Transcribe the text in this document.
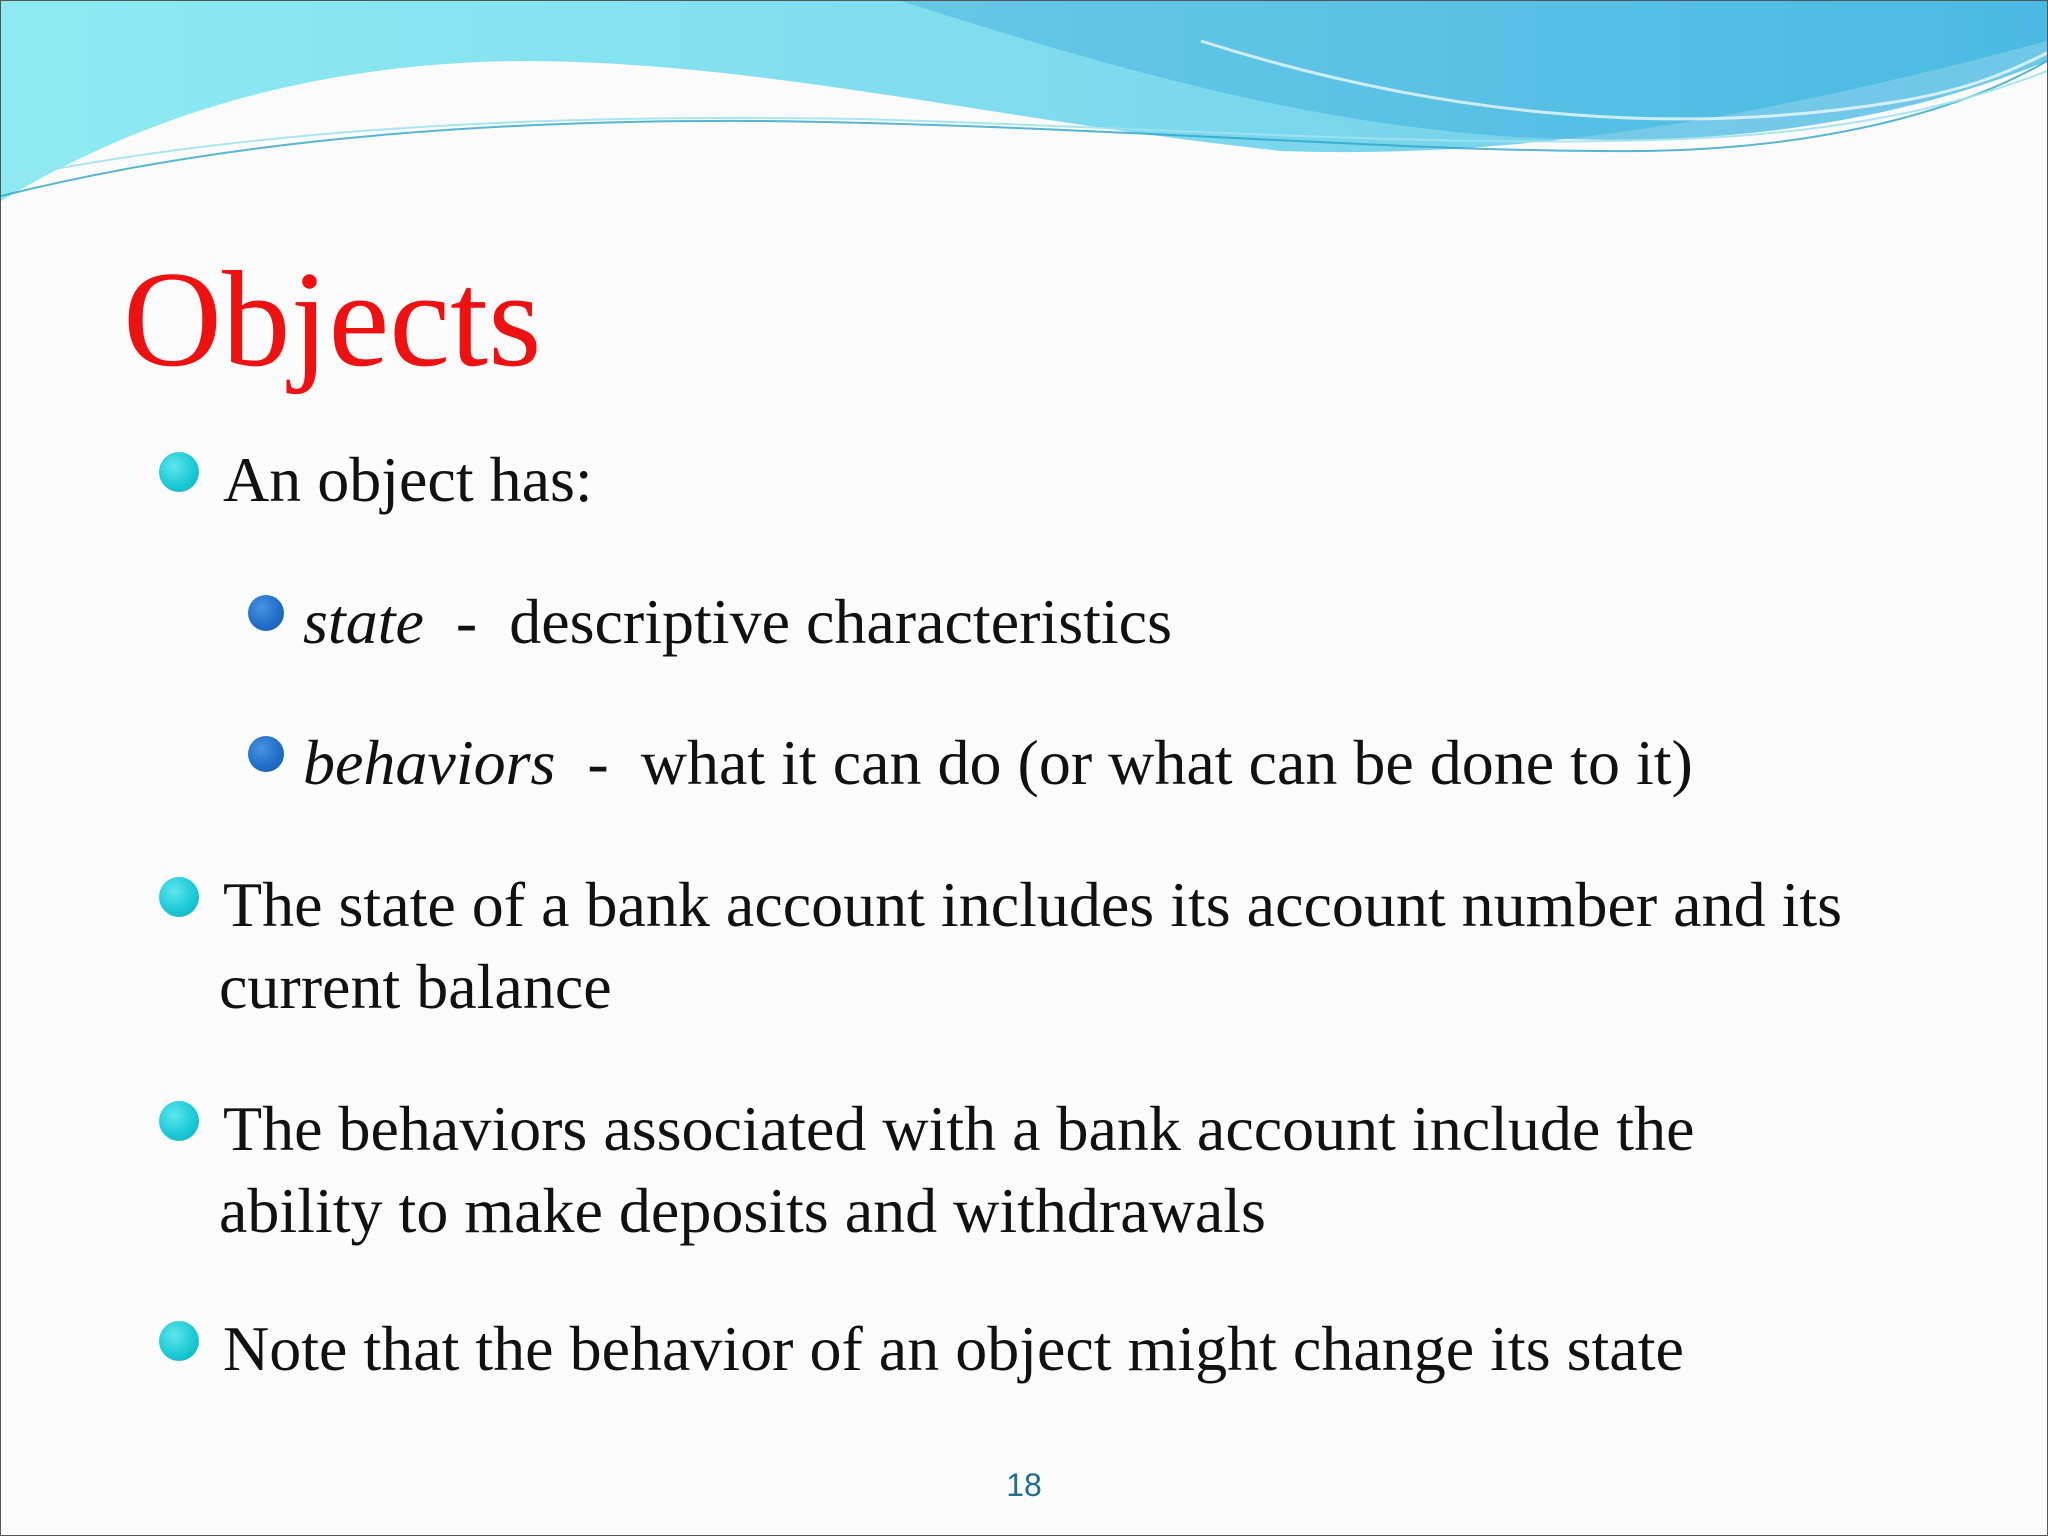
Objects
An object has:
state  -  descriptive characteristics
behaviors  -  what it can do (or what can be done to it)
The state of a bank account includes its account number and its
current balance
The behaviors associated with a bank account include the
ability to make deposits and withdrawals
Note that the behavior of an object might change its state
18
